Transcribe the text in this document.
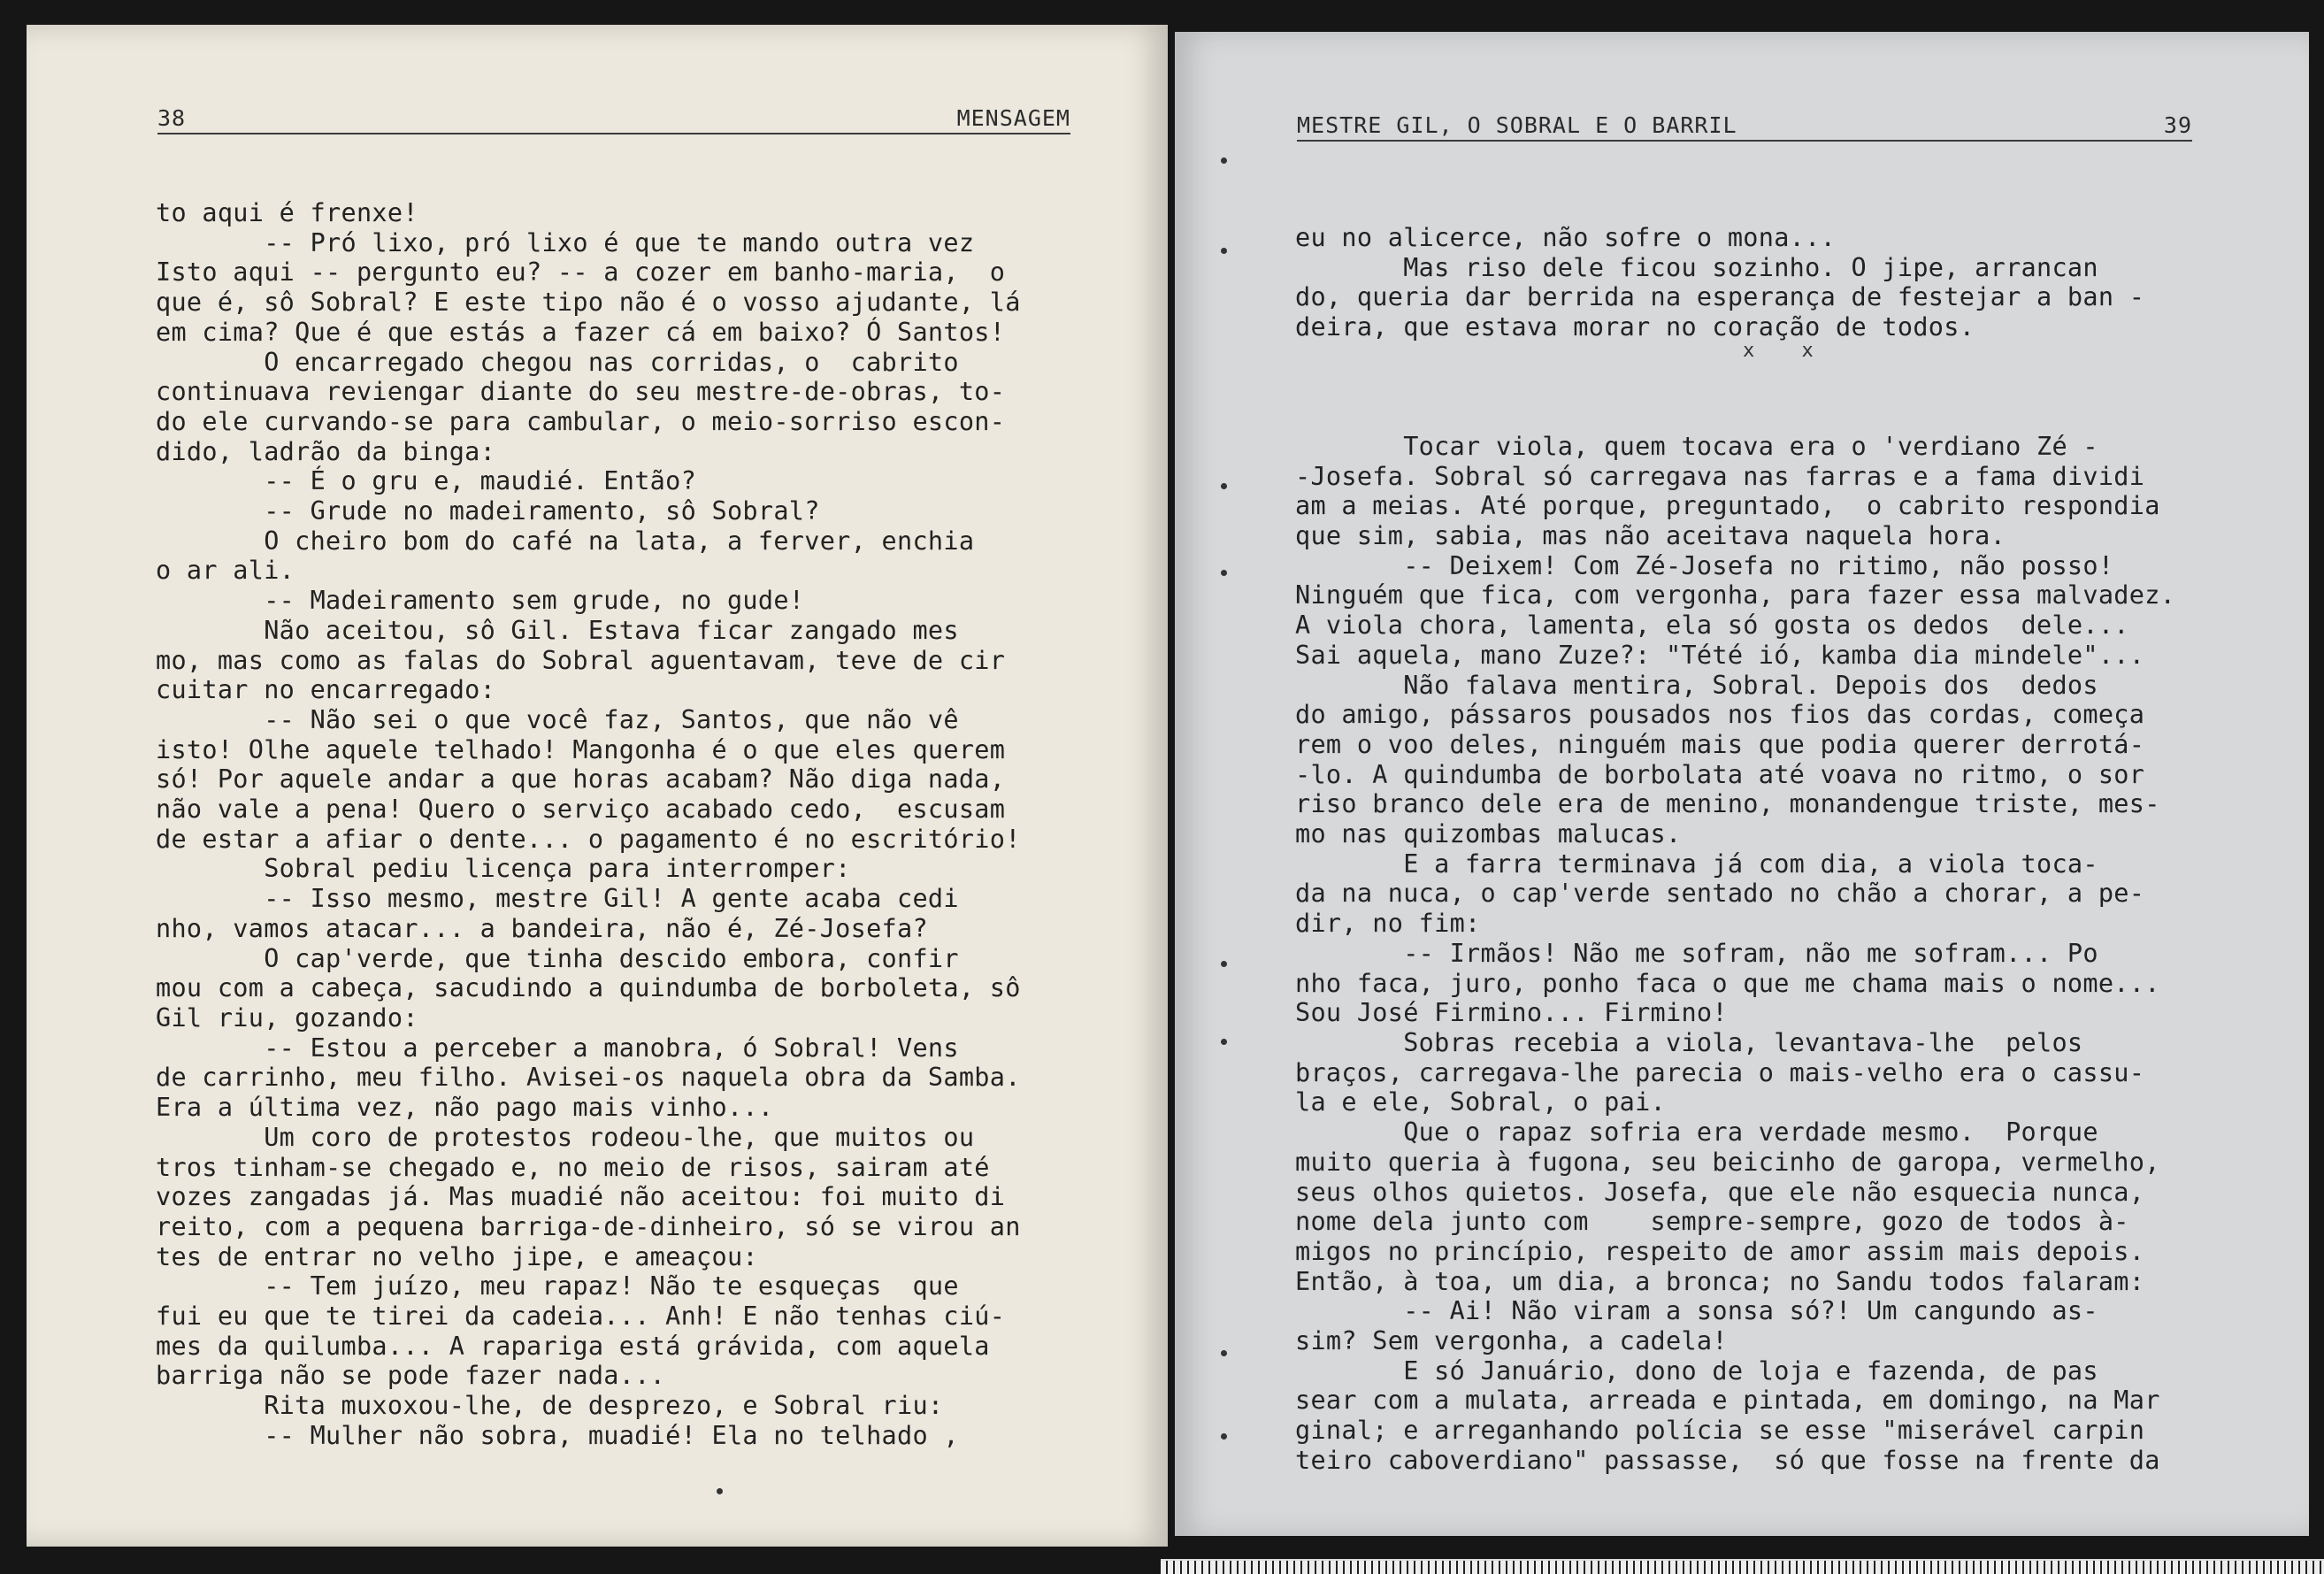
38	MENSAGEM
to aqui é frenxe!
-- Pró lixo, pró lixo é que te mando outra vez
Isto aqui -- pergunto eu? -- a cozer em banho-maria,  o
que é, sô Sobral? E este tipo não é o vosso ajudante, lá
em cima? Que é que estás a fazer cá em baixo? Ó Santos!
O encarregado chegou nas corridas, o  cabrito
continuava reviengar diante do seu mestre-de-obras, to-
do ele curvando-se para cambular, o meio-sorriso escon-
dido, ladrão da binga:
-- É o gru e, maudié. Então?
-- Grude no madeiramento, sô Sobral?
O cheiro bom do café na lata, a ferver, enchia
o ar ali.
-- Madeiramento sem grude, no gude!
Não aceitou, sô Gil. Estava ficar zangado mes
mo, mas como as falas do Sobral aguentavam, teve de cir
cuitar no encarregado:
-- Não sei o que você faz, Santos, que não vê
isto! Olhe aquele telhado! Mangonha é o que eles querem
só! Por aquele andar a que horas acabam? Não diga nada,
não vale a pena! Quero o serviço acabado cedo,  escusam
de estar a afiar o dente... o pagamento é no escritório!
Sobral pediu licença para interromper:
-- Isso mesmo, mestre Gil! A gente acaba cedi
nho, vamos atacar... a bandeira, não é, Zé-Josefa?
O cap'verde, que tinha descido embora, confir
mou com a cabeça, sacudindo a quindumba de borboleta, sô
Gil riu, gozando:
-- Estou a perceber a manobra, ó Sobral! Vens
de carrinho, meu filho. Avisei-os naquela obra da Samba.
Era a última vez, não pago mais vinho...
Um coro de protestos rodeou-lhe, que muitos ou
tros tinham-se chegado e, no meio de risos, sairam até
vozes zangadas já. Mas muadié não aceitou: foi muito di
reito, com a pequena barriga-de-dinheiro, só se virou an
tes de entrar no velho jipe, e ameaçou:
-- Tem juízo, meu rapaz! Não te esqueças  que
fui eu que te tirei da cadeia... Anh! E não tenhas ciú-
mes da quilumba... A rapariga está grávida, com aquela
barriga não se pode fazer nada...
Rita muxoxou-lhe, de desprezo, e Sobral riu:
-- Mulher não sobra, muadié! Ela no telhado ,
MESTRE GIL, O SOBRAL E O BARRIL	39
eu no alicerce, não sofre o mona...
Mas riso dele ficou sozinho. O jipe, arrancan
do, queria dar berrida na esperança de festejar a ban -
deira, que estava morar no coração de todos.

Tocar viola, quem tocava era o 'verdiano Zé -
-Josefa. Sobral só carregava nas farras e a fama dividi
am a meias. Até porque, preguntado,  o cabrito respondia
que sim, sabia, mas não aceitava naquela hora.
-- Deixem! Com Zé-Josefa no ritimo, não posso!
Ninguém que fica, com vergonha, para fazer essa malvadez.
A viola chora, lamenta, ela só gosta os dedos  dele...
Sai aquela, mano Zuze?: "Tété ió, kamba dia mindele"...
Não falava mentira, Sobral. Depois dos  dedos
do amigo, pássaros pousados nos fios das cordas, começa
rem o voo deles, ninguém mais que podia querer derrotá-
-lo. A quindumba de borbolata até voava no ritmo, o sor
riso branco dele era de menino, monandengue triste, mes-
mo nas quizombas malucas.
E a farra terminava já com dia, a viola toca-
da na nuca, o cap'verde sentado no chão a chorar, a pe-
dir, no fim:
-- Irmãos! Não me sofram, não me sofram... Po
nho faca, juro, ponho faca o que me chama mais o nome...
Sou José Firmino... Firmino!
Sobras recebia a viola, levantava-lhe  pelos
braços, carregava-lhe parecia o mais-velho era o cassu-
la e ele, Sobral, o pai.
Que o rapaz sofria era verdade mesmo.  Porque
muito queria à fugona, seu beicinho de garopa, vermelho,
seus olhos quietos. Josefa, que ele não esquecia nunca,
nome dela junto com    sempre-sempre, gozo de todos à-
migos no princípio, respeito de amor assim mais depois.
Então, à toa, um dia, a bronca; no Sandu todos falaram:
-- Ai! Não viram a sonsa só?! Um cangundo as-
sim? Sem vergonha, a cadela!
E só Januário, dono de loja e fazenda, de pas
sear com a mulata, arreada e pintada, em domingo, na Mar
ginal; e arreganhando polícia se esse "miserável carpin
teiro caboverdiano" passasse,  só que fosse na frente da
x x
